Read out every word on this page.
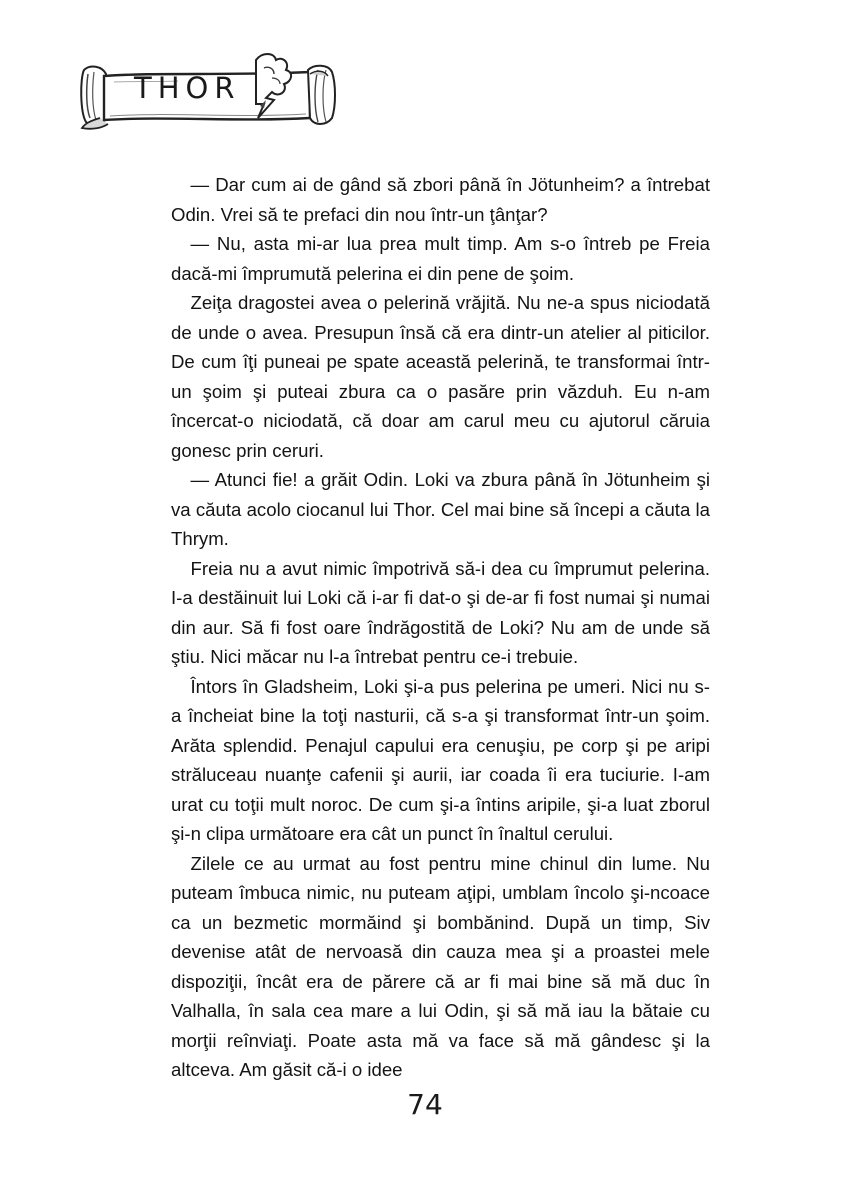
THOR

— Dar cum ai de gând să zbori până în Jötunheim? a întrebat Odin. Vrei să te prefaci din nou într-un ţânţar?

— Nu, asta mi-ar lua prea mult timp. Am s-o întreb pe Freia dacă-mi împrumută pelerina ei din pene de şoim.

Zeiţa dragostei avea o pelerină vrăjită. Nu ne-a spus niciodată de unde o avea. Presupun însă că era dintr-un atelier al piticilor. De cum îţi puneai pe spate această pelerină, te transformai într-un şoim şi puteai zbura ca o pasăre prin văzduh. Eu n-am încercat-o niciodată, că doar am carul meu cu ajutorul căruia gonesc prin ceruri.

— Atunci fie! a grăit Odin. Loki va zbura până în Jötunheim şi va căuta acolo ciocanul lui Thor. Cel mai bine să începi a căuta la Thrym.

Freia nu a avut nimic împotrivă să-i dea cu împrumut pelerina. I-a destăinuit lui Loki că i-ar fi dat-o şi de-ar fi fost numai şi numai din aur. Să fi fost oare îndrăgostită de Loki? Nu am de unde să ştiu. Nici măcar nu l-a întrebat pentru ce-i trebuie.

Întors în Gladsheim, Loki şi-a pus pelerina pe umeri. Nici nu s-a încheiat bine la toţi nasturii, că s-a şi transformat într-un şoim. Arăta splendid. Penajul capului era cenuşiu, pe corp şi pe aripi străluceau nuanţe cafenii şi aurii, iar coada îi era tuciurie. I-am urat cu toţii mult noroc. De cum şi-a întins aripile, şi-a luat zborul şi-n clipa următoare era cât un punct în înaltul cerului.

Zilele ce au urmat au fost pentru mine chinul din lume. Nu puteam îmbuca nimic, nu puteam aţipi, umblam încolo şi-ncoace ca un bezmetic mormăind şi bombănind. După un timp, Siv devenise atât de nervoasă din cauza mea şi a proastei mele dispoziţii, încât era de părere că ar fi mai bine să mă duc în Valhalla, în sala cea mare a lui Odin, şi să mă iau la bătaie cu morţii reînviaţi. Poate asta mă va face să mă gândesc şi la altceva. Am găsit că-i o idee

74
